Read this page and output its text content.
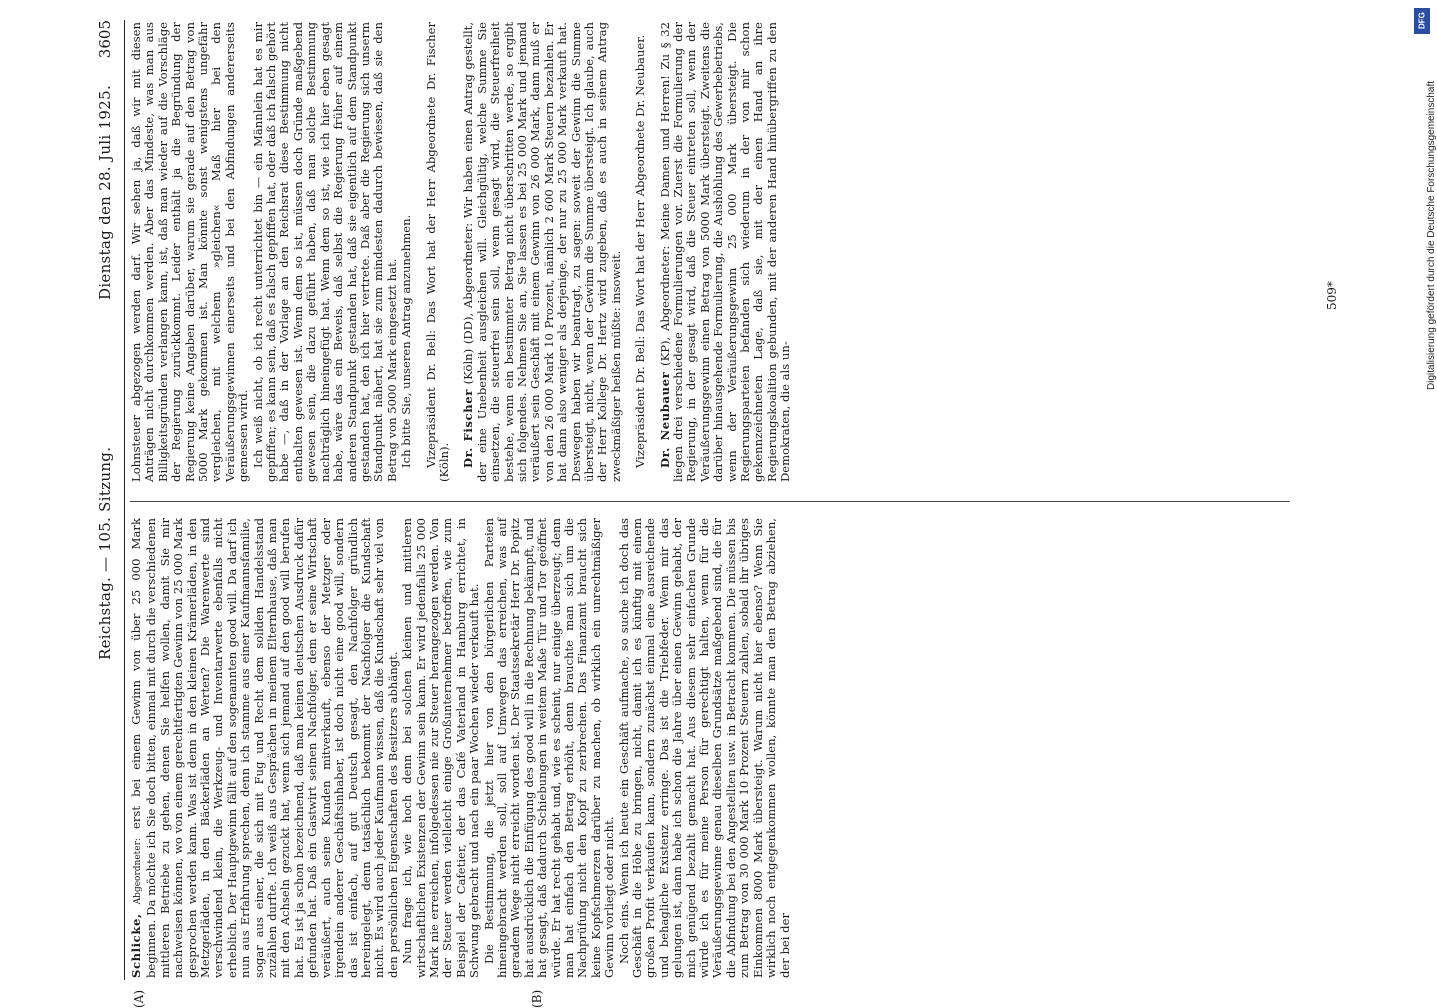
Reichstag. — 105. Sitzung.
Dienstag den 28. Juli 1925.
3605
(A)	(B)

Schlicke, Abgeordneter: erst bei einem Gewinn von über 25 000 Mark beginnen. Da möchte ich Sie doch bitten, einmal mit durch die verschiedenen mittleren Betriebe zu gehen, denen Sie helfen wollen, damit Sie mir nachweisen können, wo von einem gerechtfertigten Gewinn von 25 000 Mark gesprochen werden kann. Was ist denn in den kleinen Krämerläden, in den Metzgerläden, in den Bäckerläden an Werten? Die Warenwerte sind verschwindend klein, die Werkzeug- und Inventarwerte ebenfalls nicht erheblich. Der Hauptgewinn fällt auf den sogenannten good will. Da darf ich nun aus Erfahrung sprechen, denn ich stamme aus einer Kaufmannsfamilie, sogar aus einer, die sich mit Fug und Recht dem soliden Handelsstand zuzählen durfte. Ich weiß aus Gesprächen in meinem Elternhause, daß man mit den Achseln gezuckt hat, wenn sich jemand auf den good will berufen hat. Es ist ja schon bezeichnend, daß man keinen deutschen Ausdruck dafür gefunden hat. Daß ein Gastwirt seinen Nachfolger, dem er seine Wirtschaft veräußert, auch seine Kunden mitverkauft, ebenso der Metzger oder irgendein anderer Geschäftsinhaber, ist doch nicht eine good will, sondern das ist einfach, auf gut Deutsch gesagt, den Nachfolger gründlich hereingelegt, denn tatsächlich bekommt der Nachfolger die Kundschaft nicht. Es wird auch jeder Kaufmann wissen, daß die Kundschaft sehr viel von den persönlichen Eigenschaften des Besitzers abhängt. Nun frage ich, wie hoch denn bei solchen kleinen und mittleren wirtschaftlichen Existenzen der Gewinn sein kann. Er wird jedenfalls 25 000 Mark nie erreichen, infolgedessen nie zur Steuer herangezogen werden. Von der Steuer werden vielleicht einige Großunternehmer betroffen, wie zum Beispiel der Cafetier, der das Café Vaterland in Hamburg errichtet, in Schwung gebracht und nach ein paar Wochen wieder verkauft hat. Die Bestimmung, die jetzt hier von den bürgerlichen Parteien hineingebracht werden soll, soll auf Umwegen das erreichen, was auf geradem Wege nicht erreicht worden ist. Der Staatssekretär Herr Dr. Popitz hat ausdrücklich die Einfügung des good will in die Rechnung bekämpft, und hat gesagt, daß dadurch Schiebungen in weitem Maße Tür und Tor geöffnet würde. Er hat recht gehabt und, wie es scheint, nur einige überzeugt; denn man hat einfach den Betrag erhöht, denn brauchte man sich um die Nachprüfung nicht den Kopf zu zerbrechen. Das Finanzamt braucht sich keine Kopfschmerzen darüber zu machen, ob wirklich ein unrechtmäßiger Gewinn vorliegt oder nicht. Noch eins. Wenn ich heute ein Geschäft aufmache, so suche ich doch das Geschäft in die Höhe zu bringen, nicht, damit ich es künftig mit einem großen Profit verkaufen kann, sondern zunächst einmal eine ausreichende und behagliche Existenz erringe. Das ist die Triebfeder. Wenn mir das gelungen ist, dann habe ich schon die Jahre über einen Gewinn gehabt, der mich genügend bezahlt gemacht hat. Aus diesem sehr einfachen Grunde würde ich es für meine Person für gerechtigt halten, wenn für die Veräußerungsgewinne genau dieselben Grundsätze maßgebend sind, die für die Abfindung bei den Angestellten usw. in Betracht kommen. Die müssen bis zum Betrag von 30 000 Mark 10 Prozent Steuern zahlen, sobald ihr übriges Einkommen 8000 Mark übersteigt. Warum nicht hier ebenso? Wenn Sie wirklich noch entgegenkommen wollen, könnte man den Betrag abziehen, der bei der

Lohnsteuer abgezogen werden darf. Wir sehen ja, daß wir mit diesen Anträgen nicht durchkommen werden. Aber das Mindeste, was man aus Billigkeitsgründen verlangen kann, ist, daß man wieder auf die Vorschläge der Regierung zurückkommt. Leider enthält ja die Begründung der Regierung keine Angaben darüber, warum sie gerade auf den Betrag von 5000 Mark gekommen ist. Man könnte sonst wenigstens ungefähr vergleichen, mit welchem »gleichen« Maß hier bei den Veräußerungsgewinnen einerseits und bei den Abfindungen andererseits gemessen wird. Ich weiß nicht, ob ich recht unterrichtet bin — ein Männlein hat es mir gepfiffen; es kann sein, daß es falsch gepfiffen hat, oder daß ich falsch gehört habe —, daß in der Vorlage an den Reichsrat diese Bestimmung nicht enthalten gewesen ist. Wenn dem so ist, müssen doch Gründe maßgebend gewesen sein, die dazu geführt haben, daß man solche Bestimmung nachträglich hineingefügt hat. Wenn dem so ist, wie ich hier eben gesagt habe, wäre das ein Beweis, daß selbst die Regierung früher auf einem anderen Standpunkt gestanden hat, daß sie eigentlich auf dem Standpunkt gestanden hat, den ich hier vertrete. Daß aber die Regierung sich unserm Standpunkt nähert, hat sie zum mindesten dadurch bewiesen, daß sie den Betrag von 5000 Mark eingesetzt hat. Ich bitte Sie, unseren Antrag anzunehmen. Vizepräsident Dr. Bell: Das Wort hat der Herr Abgeordnete Dr. Fischer (Köln). Dr. Fischer (Köln) (DD), Abgeordneter: Wir haben einen Antrag gestellt, der eine Unebenheit ausgleichen will. Gleichgültig, welche Summe Sie einsetzen, die steuerfrei sein soll, wenn gesagt wird, die Steuerfreiheit bestehe, wenn ein bestimmter Betrag nicht überschritten werde, so ergibt sich folgendes. Nehmen Sie an, Sie lassen es bei 25 000 Mark und jemand veräußert sein Geschäft mit einem Gewinn von 26 000 Mark, dann muß er von den 26 000 Mark 10 Prozent, nämlich 2 600 Mark Steuern bezahlen. Er hat dann also weniger als derjenige, der nur zu 25 000 Mark verkauft hat. Deswegen haben wir beantragt, zu sagen: soweit der Gewinn die Summe übersteigt, nicht, wenn der Gewinn die Summe übersteigt. Ich glaube, auch der Herr Kollege Dr. Hertz wird zugeben, daß es auch in seinem Antrag zweckmäßiger heißen müßte: insoweit. Vizepräsident Dr. Bell: Das Wort hat der Herr Abgeordnete Dr. Neubauer.

Dr. Neubauer (KP), Abgeordneter: Meine Damen und Herren! Zu § 32 liegen drei verschiedene Formulierungen vor. Zuerst die Formulierung der Regierung, in der gesagt wird, daß die Steuer eintreten soll, wenn der Veräußerungsgewinn einen Betrag von 5000 Mark übersteigt. Zweitens die darüber hinausgehende Formulierung, die Aushöhlung des Gewerbebetriebs, wenn der Veräußerungsgewinn 25 000 Mark übersteigt. Die Regierungsparteien befanden sich wiederum in der von mir schon gekennzeichneten Lage, daß sie, mit der einen Hand an ihre Regierungskoalition gebunden, mit der anderen Hand hinübergriffen zu den Demokraten, die als un-

509*
DFG
Digitalisierung gefördert durch die Deutsche Forschungsgemeinschaft
